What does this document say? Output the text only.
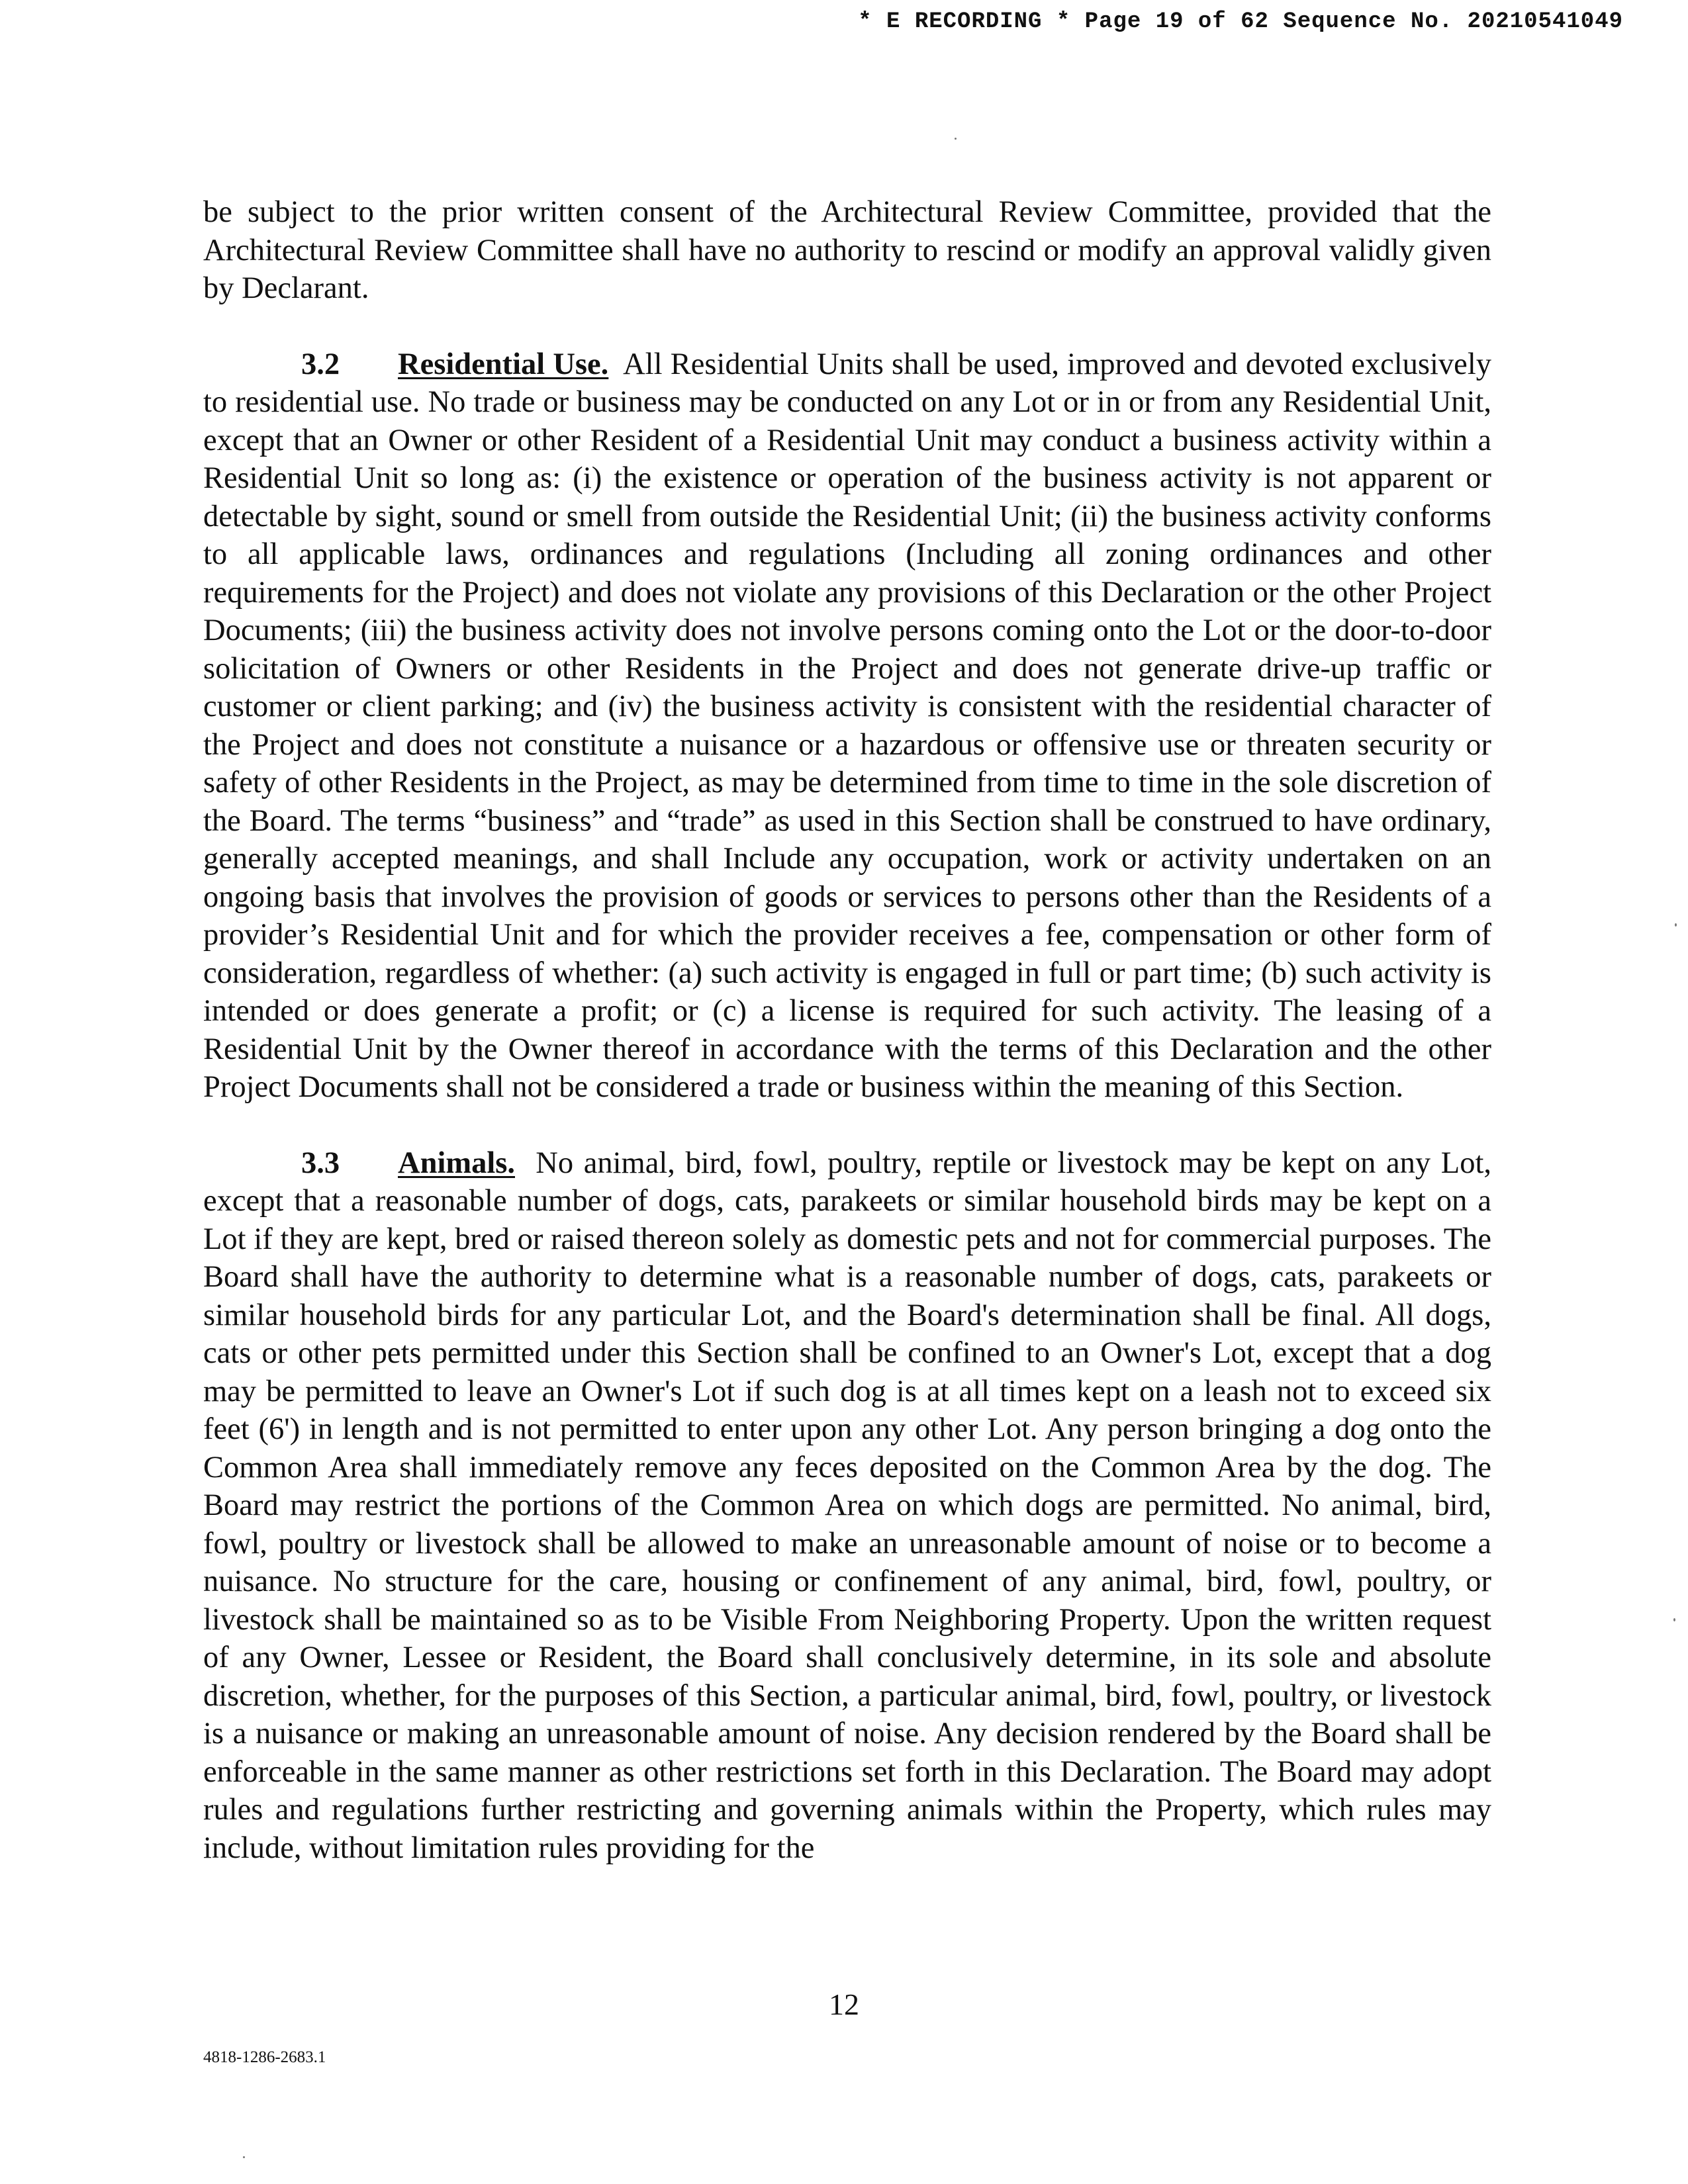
* E RECORDING * Page 19 of 62 Sequence No. 20210541049

be subject to the prior written consent of the Architectural Review Committee, provided that the Architectural Review Committee shall have no authority to rescind or modify an approval validly given by Declarant.

3.2 Residential Use. All Residential Units shall be used, improved and devoted exclusively to residential use. No trade or business may be conducted on any Lot or in or from any Residential Unit, except that an Owner or other Resident of a Residential Unit may conduct a business activity within a Residential Unit so long as: (i) the existence or operation of the business activity is not apparent or detectable by sight, sound or smell from outside the Residential Unit; (ii) the business activity conforms to all applicable laws, ordinances and regulations (Including all zoning ordinances and other requirements for the Project) and does not violate any provisions of this Declaration or the other Project Documents; (iii) the business activity does not involve persons coming onto the Lot or the door-to-door solicitation of Owners or other Residents in the Project and does not generate drive-up traffic or customer or client parking; and (iv) the business activity is consistent with the residential character of the Project and does not constitute a nuisance or a hazardous or offensive use or threaten security or safety of other Residents in the Project, as may be determined from time to time in the sole discretion of the Board. The terms “business” and “trade” as used in this Section shall be construed to have ordinary, generally accepted meanings, and shall Include any occupation, work or activity undertaken on an ongoing basis that involves the provision of goods or services to persons other than the Residents of a provider’s Residential Unit and for which the provider receives a fee, compensation or other form of consideration, regardless of whether: (a) such activity is engaged in full or part time; (b) such activity is intended or does generate a profit; or (c) a license is required for such activity. The leasing of a Residential Unit by the Owner thereof in accordance with the terms of this Declaration and the other Project Documents shall not be considered a trade or business within the meaning of this Section.

3.3 Animals. No animal, bird, fowl, poultry, reptile or livestock may be kept on any Lot, except that a reasonable number of dogs, cats, parakeets or similar household birds may be kept on a Lot if they are kept, bred or raised thereon solely as domestic pets and not for commercial purposes. The Board shall have the authority to determine what is a reasonable number of dogs, cats, parakeets or similar household birds for any particular Lot, and the Board's determination shall be final. All dogs, cats or other pets permitted under this Section shall be confined to an Owner's Lot, except that a dog may be permitted to leave an Owner's Lot if such dog is at all times kept on a leash not to exceed six feet (6') in length and is not permitted to enter upon any other Lot. Any person bringing a dog onto the Common Area shall immediately remove any feces deposited on the Common Area by the dog. The Board may restrict the portions of the Common Area on which dogs are permitted. No animal, bird, fowl, poultry or livestock shall be allowed to make an unreasonable amount of noise or to become a nuisance. No structure for the care, housing or confinement of any animal, bird, fowl, poultry, or livestock shall be maintained so as to be Visible From Neighboring Property. Upon the written request of any Owner, Lessee or Resident, the Board shall conclusively determine, in its sole and absolute discretion, whether, for the purposes of this Section, a particular animal, bird, fowl, poultry, or livestock is a nuisance or making an unreasonable amount of noise. Any decision rendered by the Board shall be enforceable in the same manner as other restrictions set forth in this Declaration. The Board may adopt rules and regulations further restricting and governing animals within the Property, which rules may include, without limitation rules providing for the

12
4818-1286-2683.1
